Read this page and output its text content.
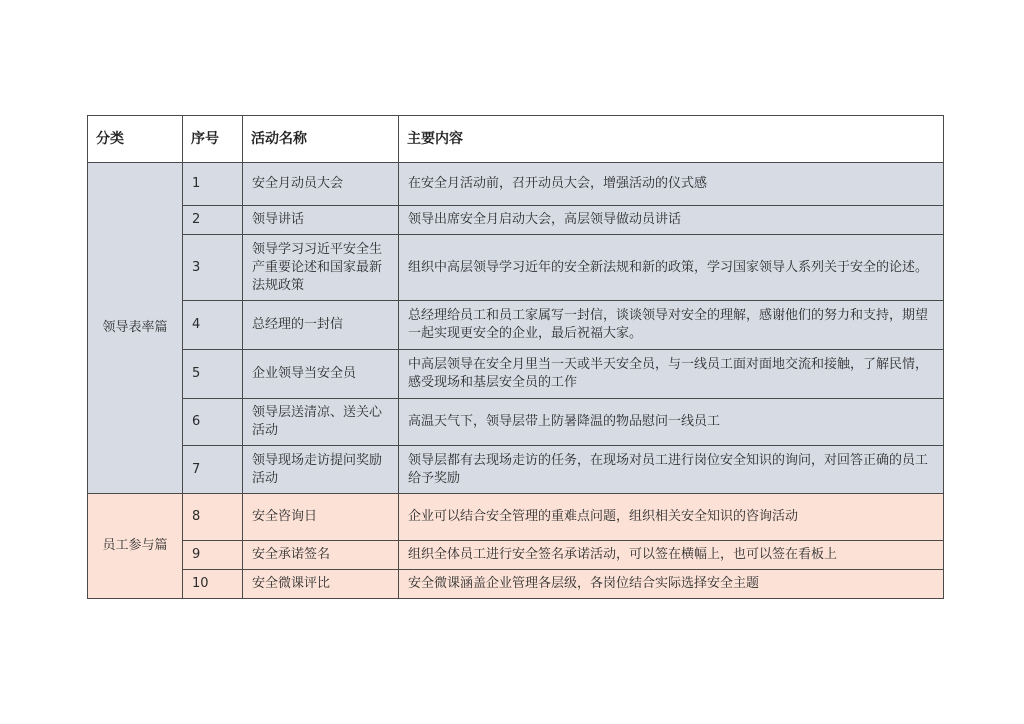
分类	序号	活动名称	主要内容
领导表率篇	1	安全月动员大会	在安全月活动前，召开动员大会，增强活动的仪式感
	2	领导讲话	领导出席安全月启动大会，高层领导做动员讲话
	3	领导学习习近平安全生产重要论述和国家最新法规政策	组织中高层领导学习近年的安全新法规和新的政策，学习国家领导人系列关于安全的论述。
	4	总经理的一封信	总经理给员工和员工家属写一封信，谈谈领导对安全的理解，感谢他们的努力和支持，期望一起实现更安全的企业，最后祝福大家。
	5	企业领导当安全员	中高层领导在安全月里当一天或半天安全员，与一线员工面对面地交流和接触，了解民情，感受现场和基层安全员的工作
	6	领导层送清凉、送关心活动	高温天气下，领导层带上防暑降温的物品慰问一线员工
	7	领导现场走访提问奖励活动	领导层都有去现场走访的任务，在现场对员工进行岗位安全知识的询问，对回答正确的员工给予奖励
员工参与篇	8	安全咨询日	企业可以结合安全管理的重难点问题，组织相关安全知识的咨询活动
	9	安全承诺签名	组织全体员工进行安全签名承诺活动，可以签在横幅上，也可以签在看板上
	10	安全微课评比	安全微课涵盖企业管理各层级，各岗位结合实际选择安全主题
